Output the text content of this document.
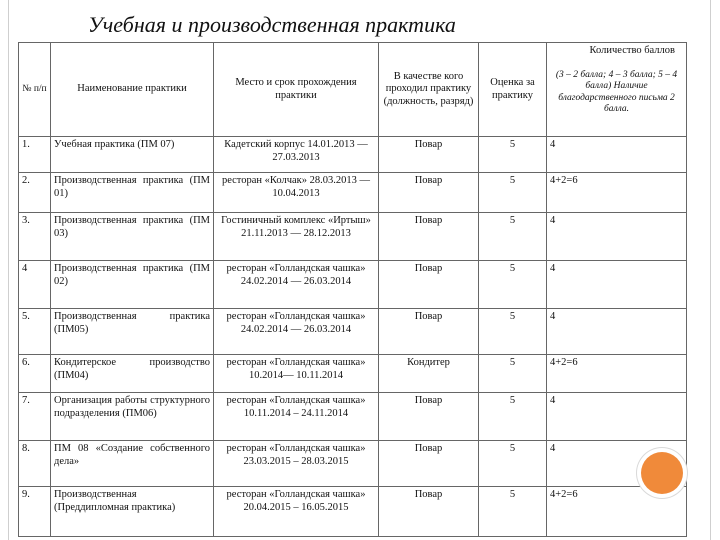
Учебная и производственная практика
№ п/п	Наименование практики	Место и срок прохождения практики	В качестве кого проходил практику (должность, разряд)	Оценка за практику	Количество баллов
(3 – 2 балла; 4 – 3 балла; 5 – 4 балла) Наличие благодарственного письма 2 балла.

1.	Учебная практика (ПМ 07)	Кадетский корпус 14.01.2013 — 27.03.2013	Повар	5	4
2.	Производственная практика (ПМ 01)	ресторан «Колчак» 28.03.2013 — 10.04.2013	Повар	5	4+2=6
3.	Производственная практика (ПМ 03)	Гостиничный комплекс «Иртыш» 21.11.2013 — 28.12.2013	Повар	5	4
4	Производственная практика (ПМ 02)	ресторан «Голландская чашка» 24.02.2014 — 26.03.2014	Повар	5	4
5.	Производственная практика (ПМ05)	ресторан «Голландская чашка» 24.02.2014 — 26.03.2014	Повар	5	4
6.	Кондитерское производство (ПМ04)	ресторан «Голландская чашка» 10.2014— 10.11.2014	Кондитер	5	4+2=6
7.	Организация работы структурного подразделения (ПМ06)	ресторан «Голландская чашка» 10.11.2014 – 24.11.2014	Повар	5	4
8.	ПМ 08 «Создание собственного дела»	ресторан «Голландская чашка» 23.03.2015 – 28.03.2015	Повар	5	4
9.	Производственная (Преддипломная практика)	ресторан «Голландская чашка» 20.04.2015 – 16.05.2015	Повар	5	4+2=6
